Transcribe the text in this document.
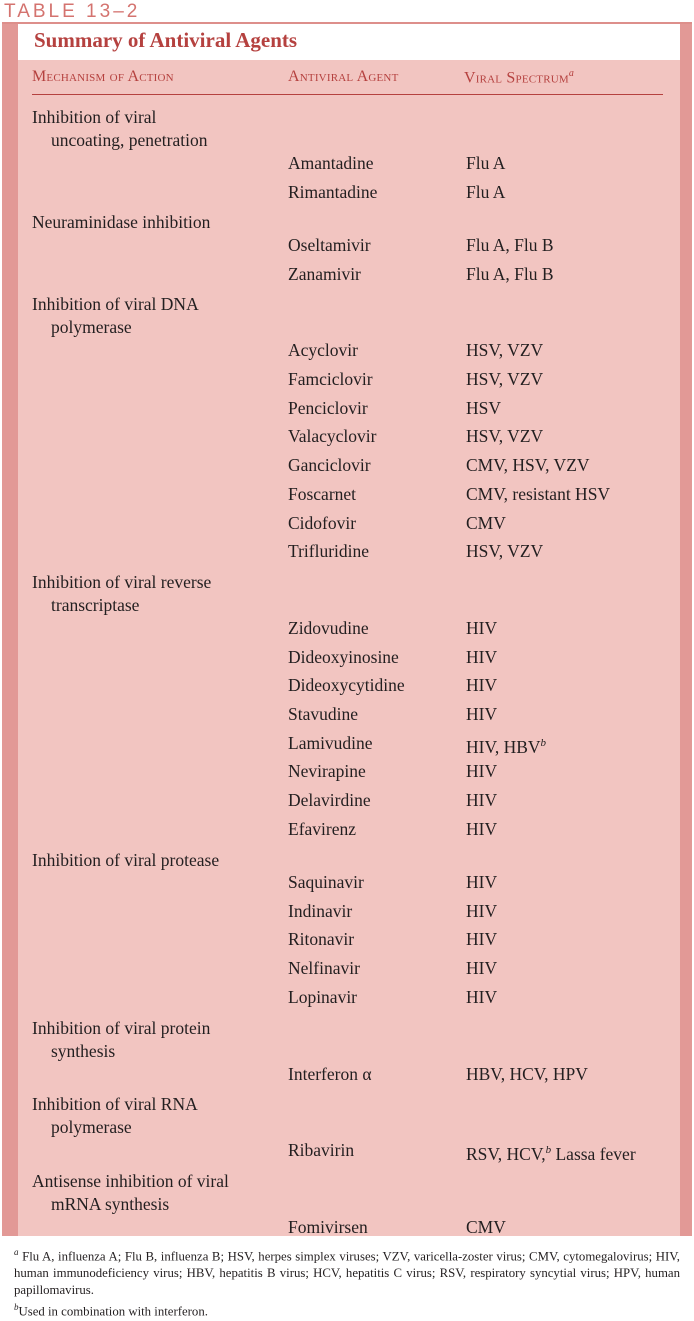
TABLE 13–2
Summary of Antiviral Agents
Mechanism of Action	Antiviral Agent	Viral Spectrum$^a$
Inhibition of viral

uncoating, penetration
Amantadine	Flu A
Rimantadine	Flu A
Neuraminidase inhibition
Oseltamivir	Flu A, Flu B
Zanamivir	Flu A, Flu B
Inhibition of viral DNA

polymerase
Acyclovir	HSV, VZV
Famciclovir	HSV, VZV
Penciclovir	HSV
Valacyclovir	HSV, VZV
Ganciclovir	CMV, HSV, VZV
Foscarnet	CMV, resistant HSV
Cidofovir	CMV
Trifluridine	HSV, VZV
Inhibition of viral reverse

transcriptase
Zidovudine	HIV
Dideoxyinosine	HIV
Dideoxycytidine	HIV
Stavudine	HIV
Lamivudine	HIV, HBV$^b$
Nevirapine	HIV
Delavirdine	HIV
Efavirenz	HIV
Inhibition of viral protease
Saquinavir	HIV
Indinavir	HIV
Ritonavir	HIV
Nelfinavir	HIV
Lopinavir	HIV
Inhibition of viral protein

synthesis
Interferon α	HBV, HCV, HPV
Inhibition of viral RNA

polymerase
Ribavirin	RSV, HCV,$^b$ Lassa fever
Antisense inhibition of viral

mRNA synthesis
Fomivirsen	CMV

$^a$ Flu A, influenza A; Flu B, influenza B; HSV, herpes simplex viruses; VZV, varicella-zoster virus; CMV, cytomegalovirus; HIV, human immunodeficiency virus; HBV, hepatitis B virus; HCV, hepatitis C virus; RSV, respiratory syncytial virus; HPV, human papillomavirus.

$^b$Used in combination with interferon.
